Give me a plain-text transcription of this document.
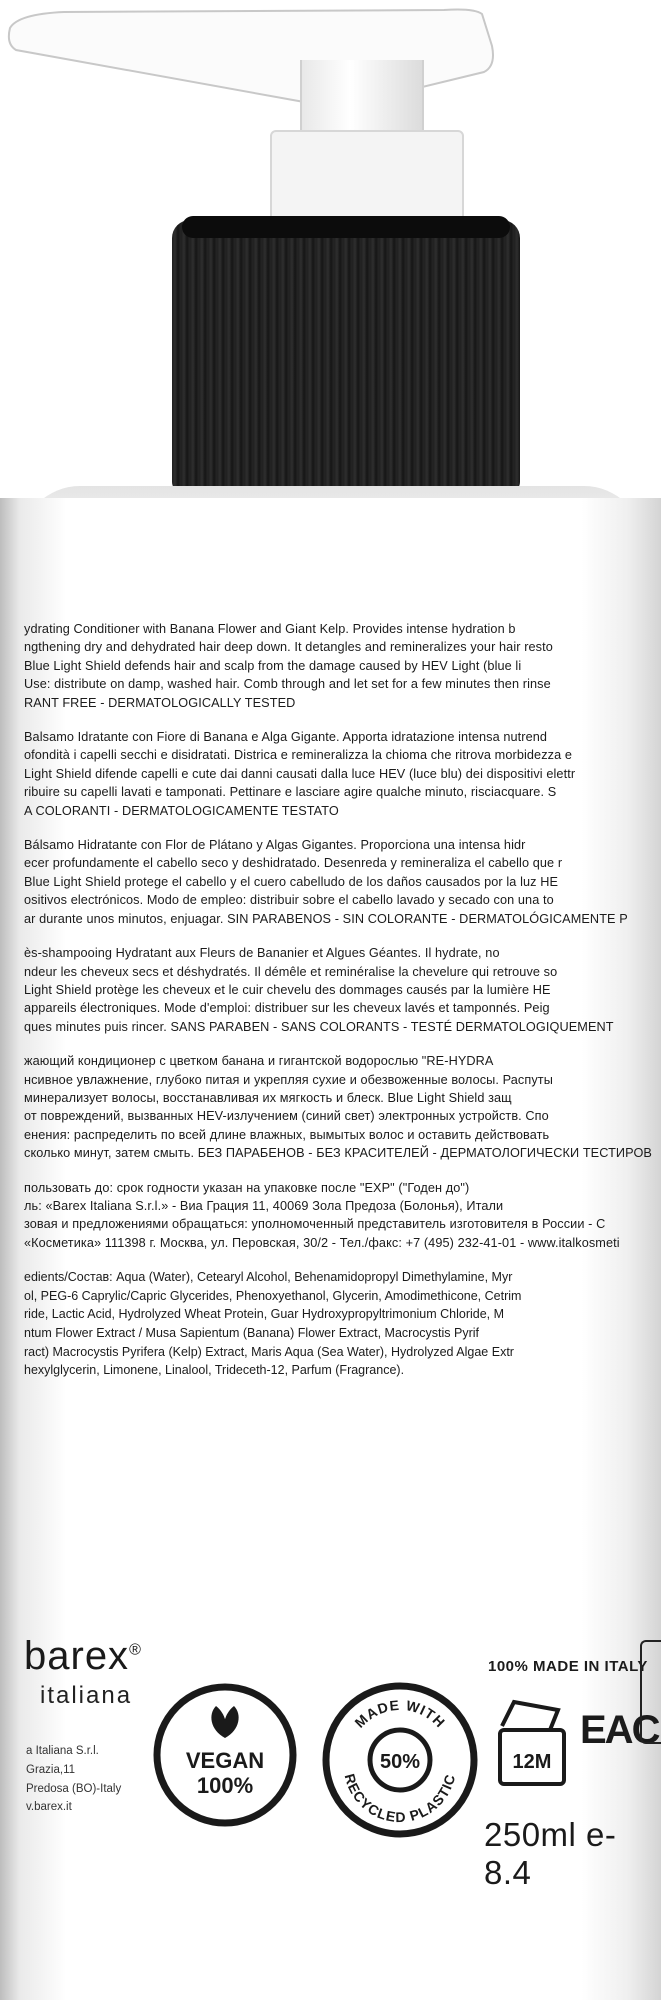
ydrating Conditioner with Banana Flower and Giant Kelp. Provides intense hydration b
ngthening dry and dehydrated hair deep down. It detangles and remineralizes your hair resto
Blue Light Shield defends hair and scalp from the damage caused by HEV Light (blue li
Use: distribute on damp, washed hair. Comb through and let set for a few minutes then rinse
RANT FREE - DERMATOLOGICALLY TESTED
Balsamo Idratante con Fiore di Banana e Alga Gigante. Apporta idratazione intensa nutrend
ofondità i capelli secchi e disidratati. Districa e remineralizza la chioma che ritrova morbidezza e
Light Shield difende capelli e cute dai danni causati dalla luce HEV (luce blu) dei dispositivi elettr
ribuire su capelli lavati e tamponati. Pettinare e lasciare agire qualche minuto, risciacquare. S
A COLORANTI - DERMATOLOGICAMENTE TESTATO
Bálsamo Hidratante con Flor de Plátano y Algas Gigantes. Proporciona una intensa hidr
ecer profundamente el cabello seco y deshidratado. Desenreda y remineraliza el cabello que r
Blue Light Shield protege el cabello y el cuero cabelludo de los daños causados por la luz HE
ositivos electrónicos. Modo de empleo: distribuir sobre el cabello lavado y secado con una to
ar durante unos minutos, enjuagar. SIN PARABENOS - SIN COLORANTE - DERMATOLÓGICAMENTE P
ès-shampooing Hydratant aux Fleurs de Bananier et Algues Géantes. Il hydrate, no
ndeur les cheveux secs et déshydratés. Il démêle et reminéralise la chevelure qui retrouve so
Light Shield protège les cheveux et le cuir chevelu des dommages causés par la lumière HE
appareils électroniques. Mode d'emploi: distribuer sur les cheveux lavés et tamponnés. Peig
ques minutes puis rincer. SANS PARABEN - SANS COLORANTS - TESTÉ DERMATOLOGIQUEMENT
жающий кондиционер с цветком банана и гигантской водорослью "RE-HYDRA
нсивное увлажнение, глубоко питая и укрепляя сухие и обезвоженные волосы. Распуты
минерализует волосы, восстанавливая их мягкость и блеск. Blue Light Shield защ
от повреждений, вызванных HEV-излучением (синий свет) электронных устройств. Спо
енения: распределить по всей длине влажных, вымытых волос и оставить действовать
сколько минут, затем смыть. БЕЗ ПАРАБЕНОВ - БЕЗ КРАСИТЕЛЕЙ - ДЕРМАТОЛОГИЧЕСКИ ТЕСТИРОВ
пользовать до: срок годности указан на упаковке после "EXP" ("Годен до")
ль: «Barex Italiana S.r.l.» - Виа Грация 11, 40069 Зола Предоза (Болонья), Итали
зовая и предложениями обращаться: уполномоченный представитель изготовителя в России - С
«Косметика» 111398 г. Москва, ул. Перовская, 30/2 - Тел./факс: +7 (495) 232-41-01 - www.italkosmeti
edients/Состав: Aqua (Water), Cetearyl Alcohol, Behenamidopropyl Dimethylamine, Myr
ol, PEG-6 Caprylic/Capric Glycerides, Phenoxyethanol, Glycerin, Amodimethicone, Cetrim
ride, Lactic Acid, Hydrolyzed Wheat Protein, Guar Hydroxypropyltrimonium Chloride, M
ntum Flower Extract / Musa Sapientum (Banana) Flower Extract, Macrocystis Pyrif
ract) Macrocystis Pyrifera (Kelp) Extract, Maris Aqua (Sea Water), Hydrolyzed Algae Extr
hexylglycerin, Limonene, Linalool, Trideceth-12, Parfum (Fragrance).
barex®
italiana
a Italiana S.r.l.
Grazia,11
Predosa (BO)-Italy
v.barex.it
VEGAN
100%
MADE WITH
50%
RECYCLED PLASTIC
100% MADE IN ITALY
12M
EAC
250ml e-8.4
